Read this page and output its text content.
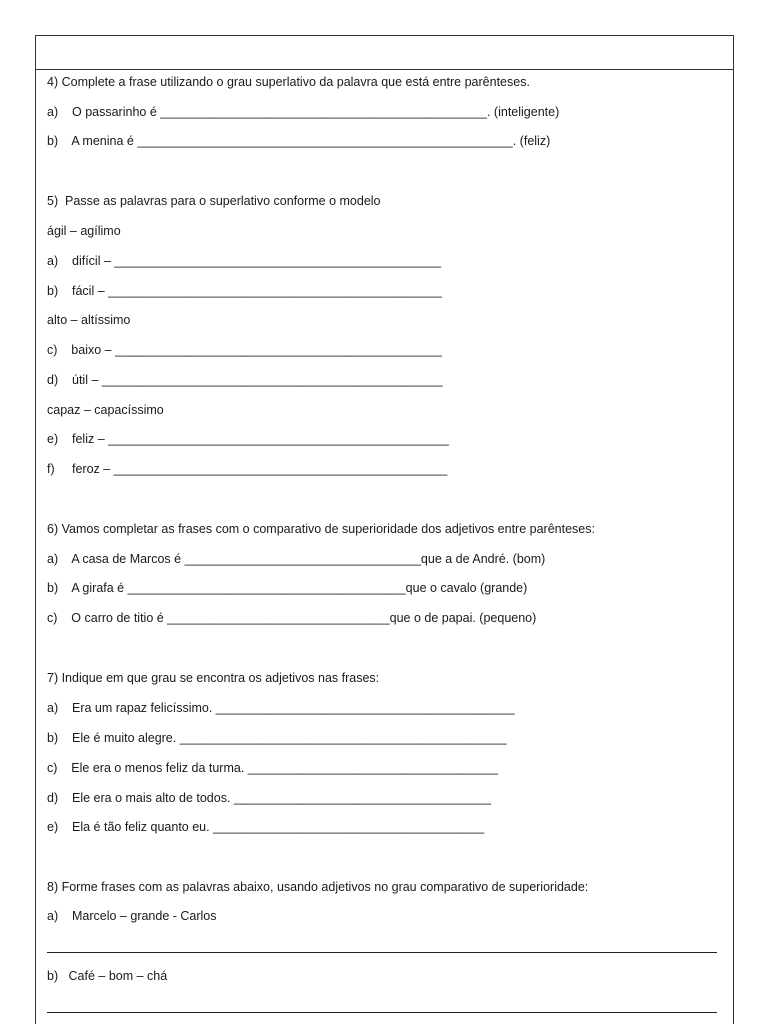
4) Complete a frase utilizando o grau superlativo da palavra que está entre parênteses.
a)    O passarinho é _______________________________________________. (inteligente)
b)    A menina é ______________________________________________________. (feliz)
5)  Passe as palavras para o superlativo conforme o modelo
ágil – agílimo
a)    difícil – _______________________________________________
b)    fácil – ________________________________________________
alto – altíssimo
c)    baixo – _______________________________________________
d)    útil – _________________________________________________
capaz – capacíssimo
e)    feliz – _________________________________________________
f)     feroz – ________________________________________________
6) Vamos completar as frases com o comparativo de superioridade dos adjetivos entre parênteses:
a)    A casa de Marcos é __________________________________que a de André. (bom)
b)    A girafa é ________________________________________que o cavalo (grande)
c)    O carro de titio é ________________________________que o de papai. (pequeno)
7) Indique em que grau se encontra os adjetivos nas frases:
a)    Era um rapaz felicíssimo. ___________________________________________
b)    Ele é muito alegre. _______________________________________________
c)    Ele era o menos feliz da turma. ____________________________________
d)    Ele era o mais alto de todos. _____________________________________
e)    Ela é tão feliz quanto eu. _______________________________________
8) Forme frases com as palavras abaixo, usando adjetivos no grau comparativo de superioridade:
a)    Marcelo – grande - Carlos
b)   Café – bom – chá
